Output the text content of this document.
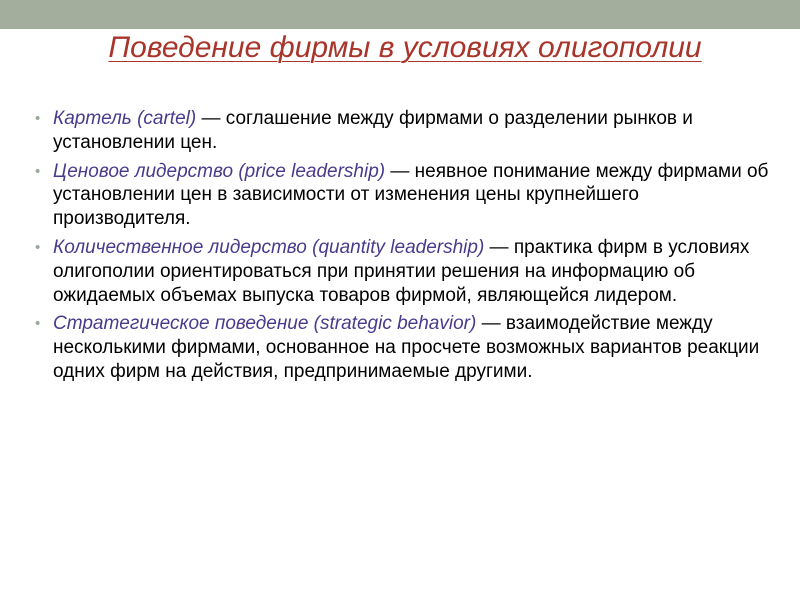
Поведение фирмы в условиях олигополии
• Картель (cartel) — соглашение между фирмами о разделении рынков и установлении цен.
• Ценовое лидерство (price leadership) — неявное понимание между фирмами об установлении цен в зависимости от изменения цены крупнейшего производителя.
• Количественное лидерство (quantity leadership) — практика фирм в условиях олигополии ориентироваться при принятии решения на информацию об ожидаемых объемах выпуска товаров фирмой, являющейся лидером.
• Стратегическое поведение (strategic behavior) — взаимодействие между несколькими фирмами, основанное на просчете возможных вариантов реакции одних фирм на действия, предпринимаемые другими.
